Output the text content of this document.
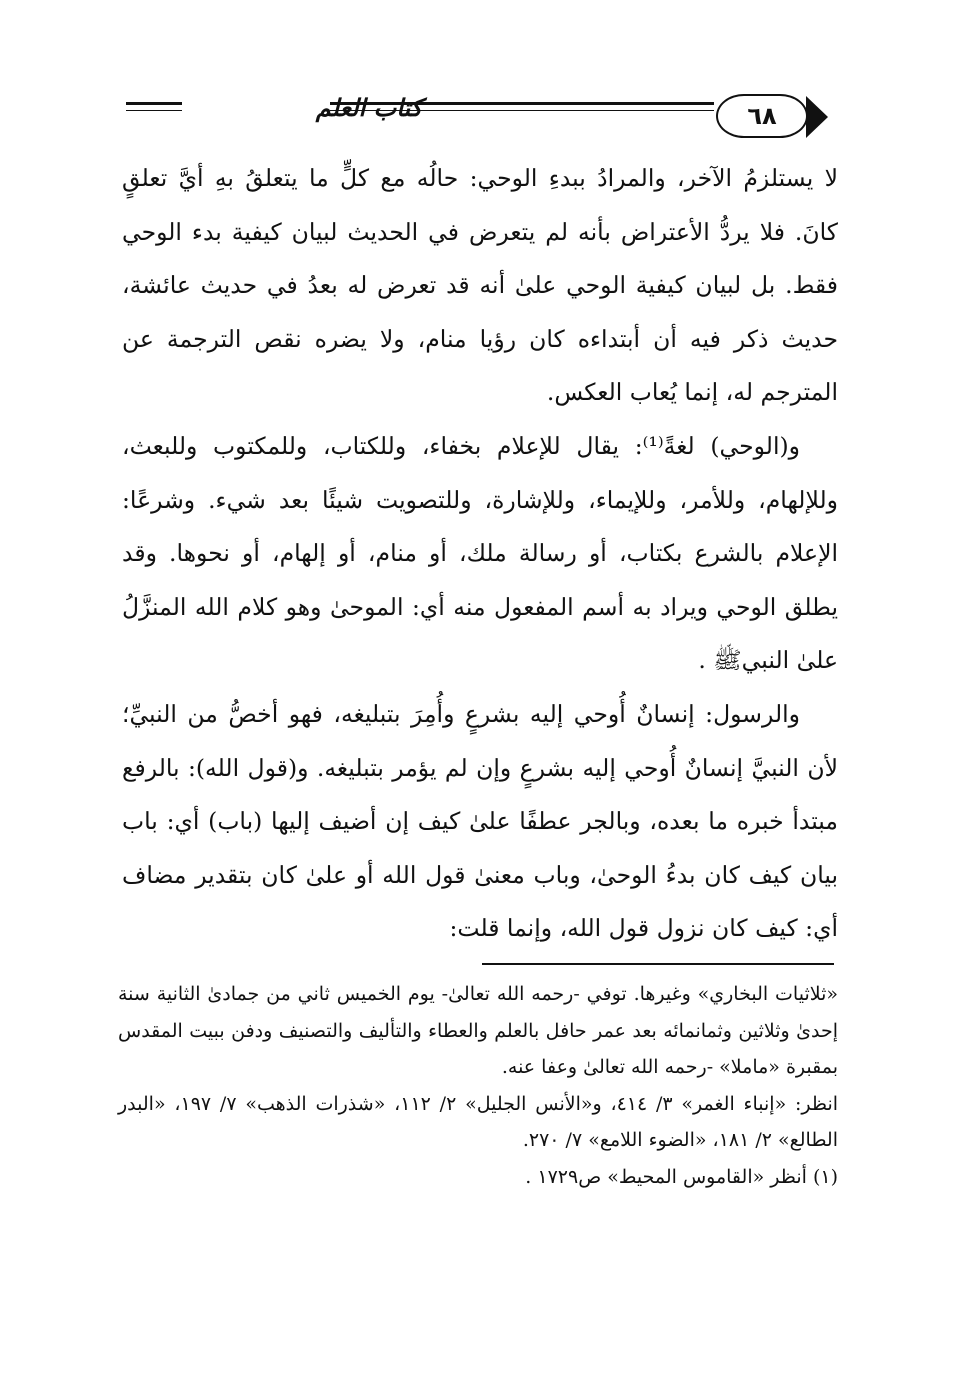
كتاب العلم	٦٨

لا يستلزمُ الآخر، والمرادُ ببدءِ الوحي: حالُه مع كلٍّ ما يتعلقُ بهِ أيَّ تعلقٍ كانَ. فلا يردُّ الأعتراض بأنه لم يتعرض في الحديث لبيان كيفية بدء الوحي فقط. بل لبيان كيفية الوحي علىٰ أنه قد تعرض له بعدُ في حديث عائشة، حديث ذكر فيه أن أبتداءه كان رؤيا منام، ولا يضره نقص الترجمة عن المترجم له، إنما يُعاب العكس.

و(الوحي) لغةً⁽¹⁾: يقال للإعلام بخفاء، وللكتاب، وللمكتوب وللبعث، وللإلهام، وللأمر، وللإيماء، وللإشارة، وللتصويت شيئًا بعد شيء. وشرعًا: الإعلام بالشرع بكتاب، أو رسالة ملك، أو منام، أو إلهام، أو نحوها. وقد يطلق الوحي ويراد به أسم المفعول منه أي: الموحىٰ وهو كلام الله المنزَّلُ علىٰ النبيﷺ .

والرسول: إنسانٌ أُوحي إليه بشرعٍ وأُمِرَ بتبليغه، فهو أخصُّ من النبيِّ؛ لأن النبيَّ إنسانٌ أُوحي إليه بشرعٍ وإن لم يؤمر بتبليغه. و(قول الله): بالرفع مبتدأ خبره ما بعده، وبالجر عطفًا علىٰ كيف إن أضيف إليها (باب) أي: باب بيان كيف كان بدءُ الوحىٰ، وباب معنىٰ قول الله أو علىٰ كان بتقدير مضاف أي: كيف كان نزول قول الله، وإنما قلت:

«ثلاثيات البخاري» وغيرها. توفي -رحمه الله تعالىٰ- يوم الخميس ثاني من جمادىٰ الثانية سنة إحدىٰ وثلاثين وثمانمائه بعد عمر حافل بالعلم والعطاء والتأليف والتصنيف ودفن ببيت المقدس بمقبرة «ماملا» -رحمه الله تعالىٰ وعفا عنه.

انظر: «إنباء الغمر» ٣/ ٤١٤، و«الأنس الجليل» ٢/ ١١٢، «شذرات الذهب» ٧/ ١٩٧، «البدر الطالع» ٢/ ١٨١، «الضوء اللامع» ٧/ ٢٧٠.

(١) أنظر «القاموس المحيط» ص١٧٢٩ .
